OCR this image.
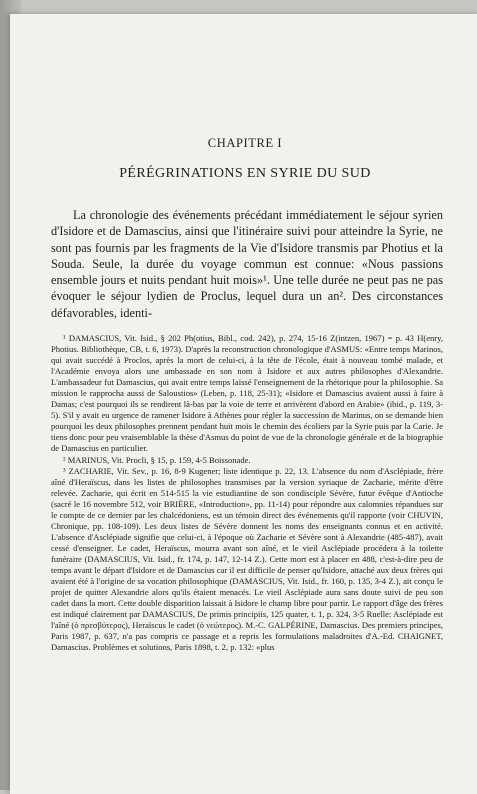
CHAPITRE I
PÉRÉGRINATIONS EN SYRIE DU SUD

La chronologie des événements précédant immédiatement le séjour syrien d'Isidore et de Damascius, ainsi que l'itinéraire suivi pour atteindre la Syrie, ne sont pas fournis par les fragments de la Vie d'Isidore transmis par Photius et la Souda. Seule, la durée du voyage commun est connue: «Nous passions ensemble jours et nuits pendant huit mois»¹. Une telle durée ne peut pas ne pas évoquer le séjour lydien de Proclus, lequel dura un an². Des circonstances défavorables, identi-

¹ DAMASCIUS, Vit. Isid., § 202 Ph(otius, Bibl., cod. 242), p. 274, 15-16 Z(intzen, 1967) = p. 43 H(enry, Photius. Bibliothèque, CB, t. 6, 1973). D'après la reconstruction chronologique d'ASMUS: «Entre temps Marinos, qui avait succédé à Proclos, après la mort de celui-ci, à la tête de l'école, était à nouveau tombé malade, et l'Académie envoya alors une ambassade en son nom à Isidore et aux autres philosophes d'Alexandrie. L'ambassadeur fut Damascius, qui avait entre temps laissé l'enseignement de la rhétorique pour la philosophie. Sa mission le rapprocha aussi de Saloustios» (Leben, p. 118, 25-31); «Isidore et Damascius avaient aussi à faire à Damas; c'est pourquoi ils se rendirent là-bas par la voie de terre et arrivèrent d'abord en Arabie» (ibid., p. 119, 3-5). S'il y avait eu urgence de ramener Isidore à Athènes pour régler la succession de Marinus, on se demande bien pourquoi les deux philosophes prennent pendant huit mois le chemin des écoliers par la Syrie puis par la Carie. Je tiens donc pour peu vraisemblable la thèse d'Asmus du point de vue de la chronologie générale et de la biographie de Damascius en particulier.

² MARINUS, Vit. Procli, § 15, p. 159, 4-5 Boissonade.

³ ZACHARIE, Vit. Sev., p. 16, 8-9 Kugener; liste identique p. 22, 13. L'absence du nom d'Asclépiade, frère aîné d'Heraïscus, dans les listes de philosophes transmises par la version syriaque de Zacharie, mérite d'être relevée. Zacharie, qui écrit en 514-515 la vie estudiantine de son condisciple Sévère, futur évêque d'Antioche (sacré le 16 novembre 512, voir BRIÈRE, «Introduction», pp. 11-14) pour répondre aux calomnies répandues sur le compte de ce dernier par les chalcédoniens, est un témoin direct des événements qu'il rapporte (voir CHUVIN, Chronique, pp. 108-109). Les deux listes de Sévère donnent les noms des enseignants connus et en activité. L'absence d'Asclépiade signifie que celui-ci, à l'époque où Zacharie et Sévère sont à Alexandrie (485-487), avait cessé d'enseigner. Le cadet, Heraïscus, mourra avant son aîné, et le vieil Asclépiade procédera à la toilette funéraire (DAMASCIUS, Vit. Isid., fr. 174, p. 147, 12-14 Z.). Cette mort est à placer en 488, c'est-à-dire peu de temps avant le départ d'Isidore et de Damascius car il est difficile de penser qu'Isidore, attaché aux deux frères qui avaient été à l'origine de sa vocation philosophique (DAMASCIUS, Vit. Isid., fr. 160, p. 135, 3-4 Z.), ait conçu le projet de quitter Alexandrie alors qu'ils étaient menacés. Le vieil Asclépiade aura sans doute suivi de peu son cadet dans la mort. Cette double disparition laissait à Isidore le champ libre pour partir. Le rapport d'âge des frères est indiqué clairement par DAMASCIUS, De primis principiis, 125 quater, t. 1, p. 324, 3-5 Ruelle: Asclépiade est l'aîné (ὁ πρεσβύτερος), Heraïscus le cadet (ὁ νεώτερος). M.-C. GALPÉRINE, Damascius. Des premiers principes, Paris 1987, p. 637, n'a pas compris ce passage et a repris les formulations maladroites d'A.-Ed. CHAIGNET, Damascius. Problèmes et solutions, Paris 1898, t. 2, p. 132: «plus
